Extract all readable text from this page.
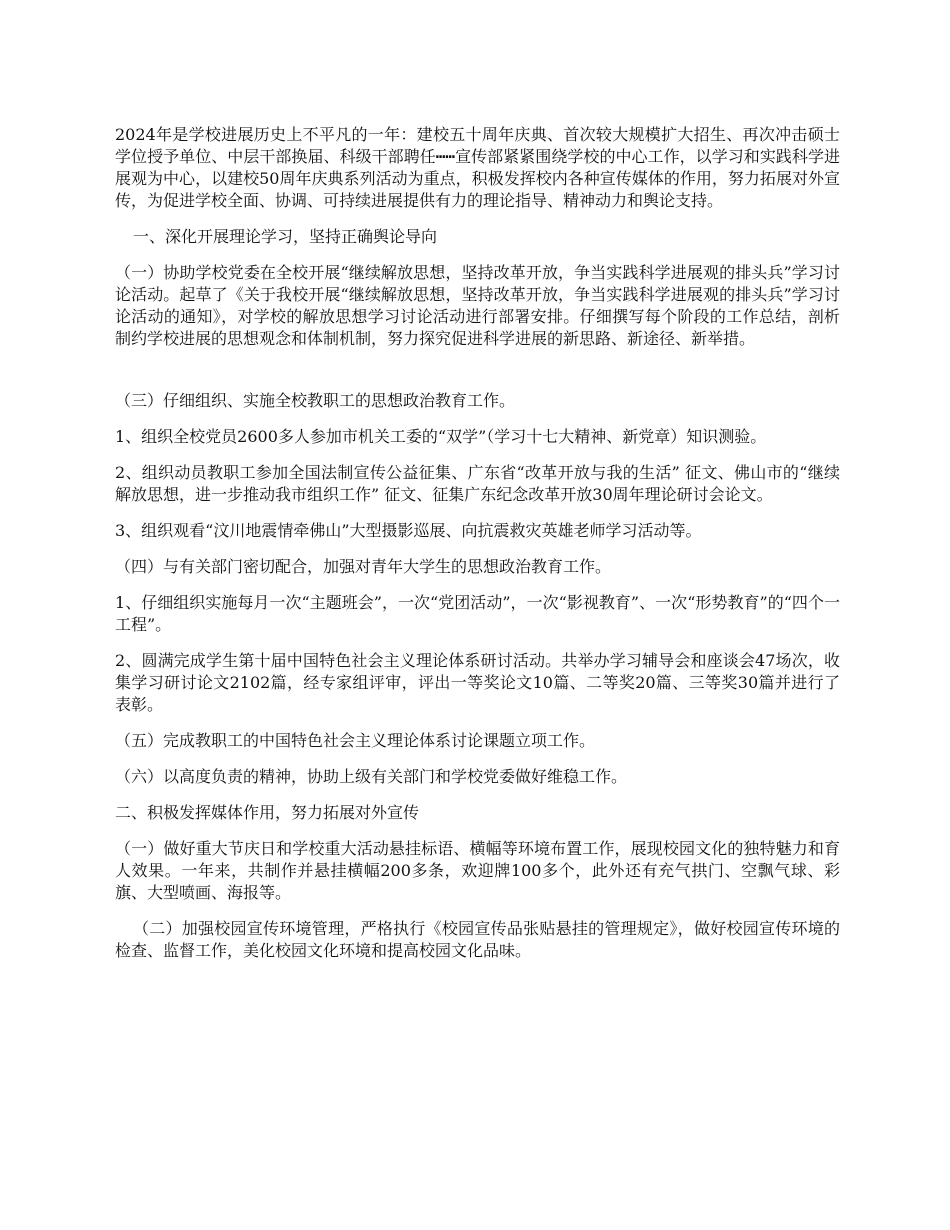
2024年是学校进展历史上不平凡的一年：建校五十周年庆典、首次较大规模扩大招生、再次冲击硕士学位授予单位、中层干部换届、科级干部聘任┅┅宣传部紧紧围绕学校的中心工作，以学习和实践科学进展观为中心，以建校50周年庆典系列活动为重点，积极发挥校内各种宣传媒体的作用，努力拓展对外宣传，为促进学校全面、协调、可持续进展提供有力的理论指导、精神动力和舆论支持。

一、深化开展理论学习，坚持正确舆论导向

（一）协助学校党委在全校开展“继续解放思想，坚持改革开放，争当实践科学进展观的排头兵”学习讨论活动。起草了《关于我校开展“继续解放思想，坚持改革开放，争当实践科学进展观的排头兵”学习讨论活动的通知》，对学校的解放思想学习讨论活动进行部署安排。仔细撰写每个阶段的工作总结，剖析制约学校进展的思想观念和体制机制，努力探究促进科学进展的新思路、新途径、新举措。

（三）仔细组织、实施全校教职工的思想政治教育工作。

1、组织全校党员2600多人参加市机关工委的“双学”（学习十七大精神、新党章）知识测验。

2、组织动员教职工参加全国法制宣传公益征集、广东省“改革开放与我的生活” 征文、佛山市的“继续解放思想，进一步推动我市组织工作” 征文、征集广东纪念改革开放30周年理论研讨会论文。

3、组织观看“汶川地震情牵佛山”大型摄影巡展、向抗震救灾英雄老师学习活动等。

（四）与有关部门密切配合，加强对青年大学生的思想政治教育工作。

1、仔细组织实施每月一次“主题班会”，一次“党团活动”，一次“影视教育”、一次“形势教育”的“四个一工程”。

2、圆满完成学生第十届中国特色社会主义理论体系研讨活动。共举办学习辅导会和座谈会47场次，收集学习研讨论文2102篇，经专家组评审，评出一等奖论文10篇、二等奖20篇、三等奖30篇并进行了表彰。

（五）完成教职工的中国特色社会主义理论体系讨论课题立项工作。

（六）以高度负责的精神，协助上级有关部门和学校党委做好维稳工作。

二、积极发挥媒体作用，努力拓展对外宣传

（一）做好重大节庆日和学校重大活动悬挂标语、横幅等环境布置工作，展现校园文化的独特魅力和育人效果。一年来，共制作并悬挂横幅200多条，欢迎牌100多个，此外还有充气拱门、空飘气球、彩旗、大型喷画、海报等。

（二）加强校园宣传环境管理，严格执行《校园宣传品张贴悬挂的管理规定》，做好校园宣传环境的检查、监督工作，美化校园文化环境和提高校园文化品味。
